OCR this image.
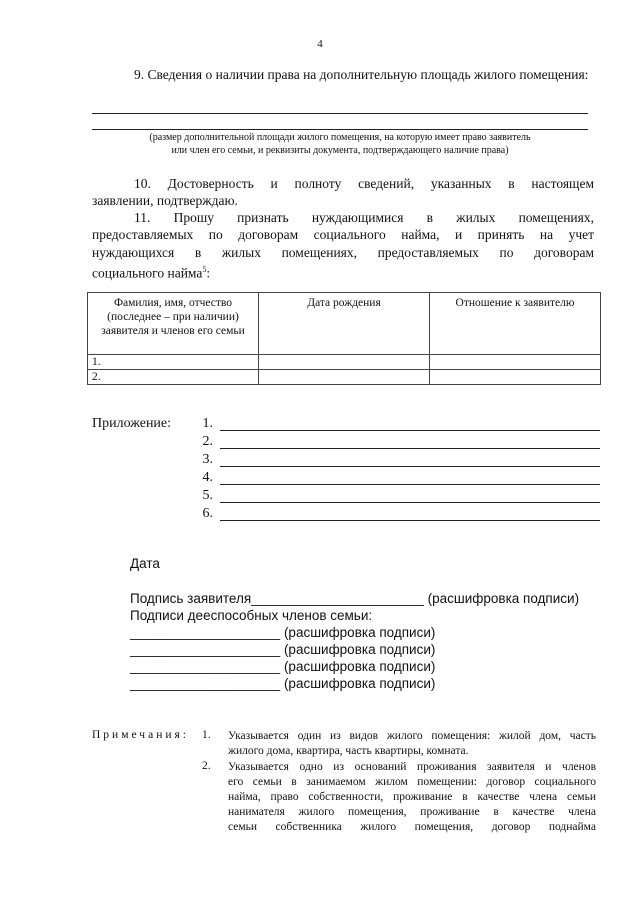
4
9. Сведения о наличии права на дополнительную площадь жилого помещения:
(размер дополнительной площади жилого помещения, на которую имеет право заявитель
или член его семьи, и реквизиты документа, подтверждающего наличие права)
10. Достоверность и полноту сведений, указанных в настоящем
заявлении, подтверждаю.
11. Прошу признать нуждающимися в жилых помещениях,
предоставляемых по договорам социального найма, и принять на учет
нуждающихся в жилых помещениях, предоставляемых по договорам
социального найма$^5$:
Фамилия, имя, отчество (последнее – при наличии) заявителя и членов его семьи	Дата рождения	Отношение к заявителю
1.		
2.		
Приложение:	1.
2.
3.
4.
5.
6.
Дата
Подпись заявителя_______________________ (расшифровка подписи)
Подписи дееспособных членов семьи:
____________________ (расшифровка подписи)
____________________ (расшифровка подписи)
____________________ (расшифровка подписи)
____________________ (расшифровка подписи)
Примечания: 1. Указывается один из видов жилого помещения: жилой дом, часть
жилого дома, квартира, часть квартиры, комната.
2. Указывается одно из оснований проживания заявителя и членов
его семьи в занимаемом жилом помещении: договор социального
найма, право собственности, проживание в качестве члена семьи
нанимателя жилого помещения, проживание в качестве члена
семьи собственника жилого помещения, договор поднайма
